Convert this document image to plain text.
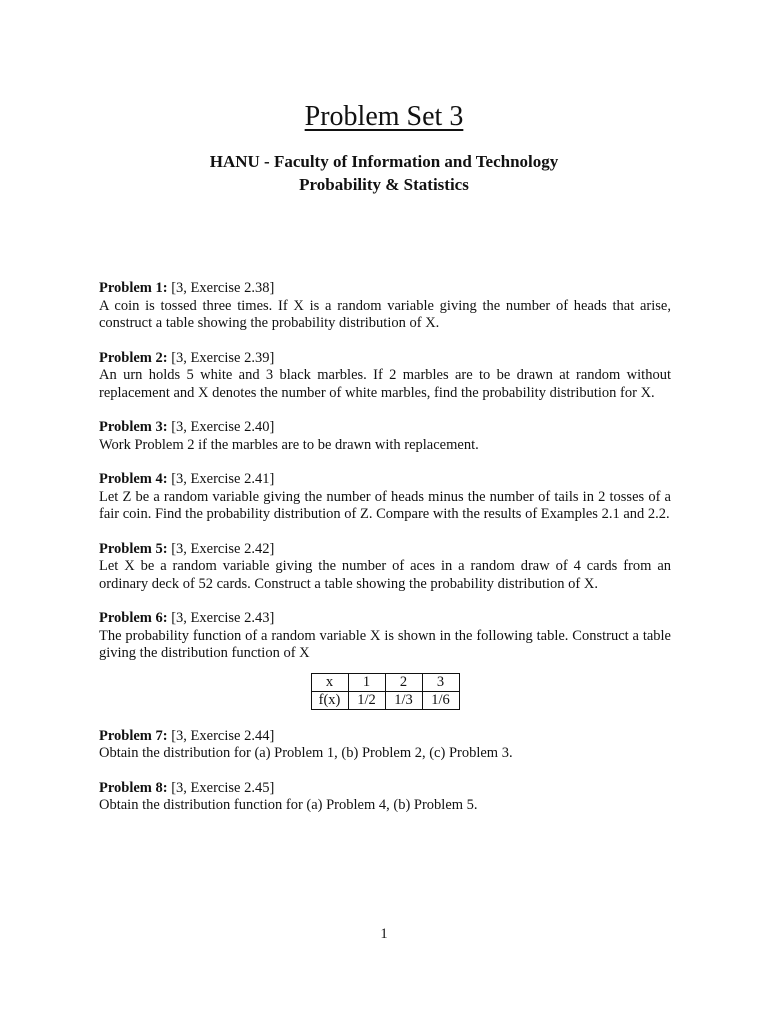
Problem Set 3
HANU - Faculty of Information and Technology
Probability & Statistics
Problem 1: [3, Exercise 2.38]
A coin is tossed three times. If X is a random variable giving the number of heads that arise, construct a table showing the probability distribution of X.
Problem 2: [3, Exercise 2.39]
An urn holds 5 white and 3 black marbles. If 2 marbles are to be drawn at random without replacement and X denotes the number of white marbles, find the probability distribution for X.
Problem 3: [3, Exercise 2.40]
Work Problem 2 if the marbles are to be drawn with replacement.
Problem 4: [3, Exercise 2.41]
Let Z be a random variable giving the number of heads minus the number of tails in 2 tosses of a fair coin. Find the probability distribution of Z. Compare with the results of Examples 2.1 and 2.2.
Problem 5: [3, Exercise 2.42]
Let X be a random variable giving the number of aces in a random draw of 4 cards from an ordinary deck of 52 cards. Construct a table showing the probability distribution of X.
Problem 6: [3, Exercise 2.43]
The probability function of a random variable X is shown in the following table. Construct a table giving the distribution function of X
x	1	2	3
f(x)	1/2	1/3	1/6
Problem 7: [3, Exercise 2.44]
Obtain the distribution for (a) Problem 1, (b) Problem 2, (c) Problem 3.
Problem 8: [3, Exercise 2.45]
Obtain the distribution function for (a) Problem 4, (b) Problem 5.
1
